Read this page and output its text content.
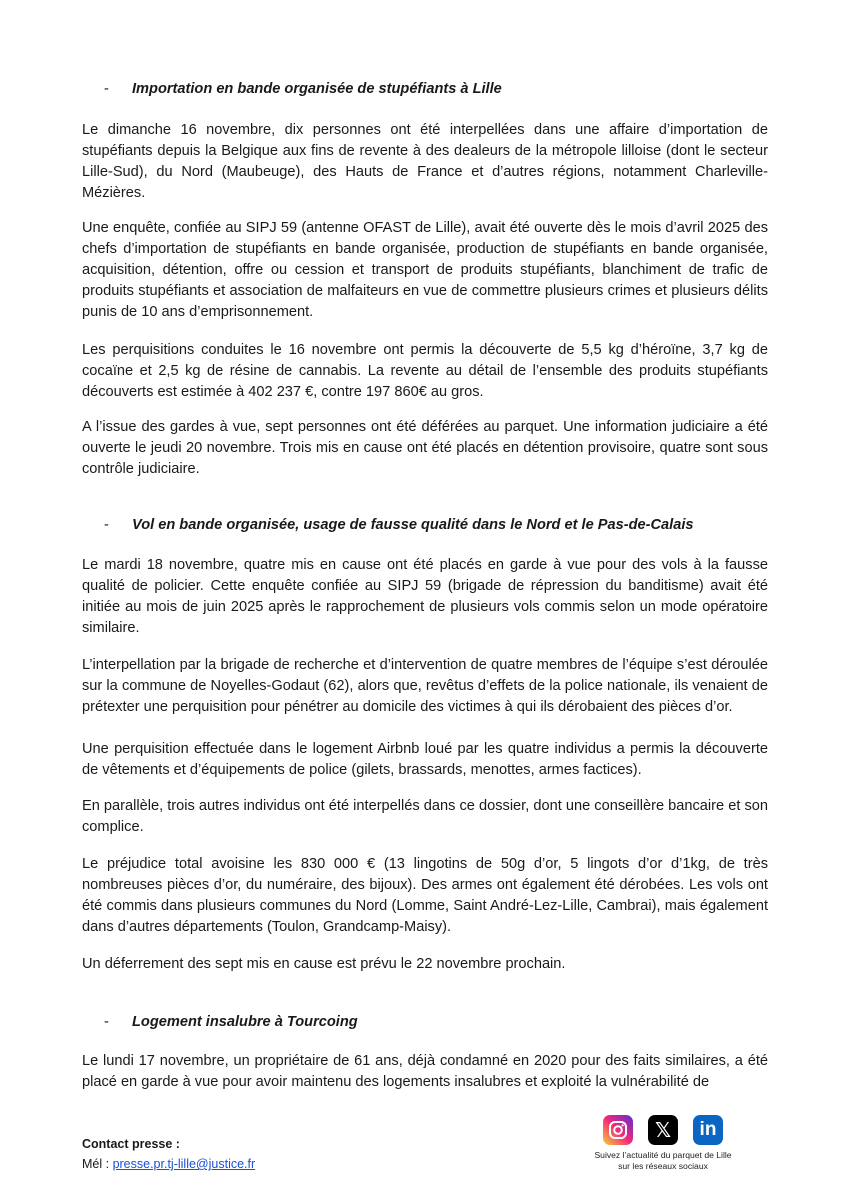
- Importation en bande organisée de stupéfiants à Lille

Le dimanche 16 novembre, dix personnes ont été interpellées dans une affaire d’importation de stupéfiants depuis la Belgique aux fins de revente à des dealeurs de la métropole lilloise (dont le secteur Lille-Sud), du Nord (Maubeuge), des Hauts de France et d’autres régions, notamment Charleville-Mézières.

Une enquête, confiée au SIPJ 59 (antenne OFAST de Lille), avait été ouverte dès le mois d’avril 2025 des chefs d’importation de stupéfiants en bande organisée, production de stupéfiants en bande organisée, acquisition, détention, offre ou cession et transport de produits stupéfiants, blanchiment de trafic de produits stupéfiants et association de malfaiteurs en vue de commettre plusieurs crimes et plusieurs délits punis de 10 ans d’emprisonnement.

Les perquisitions conduites le 16 novembre ont permis la découverte de 5,5 kg d’héroïne, 3,7 kg de cocaïne et 2,5 kg de résine de cannabis. La revente au détail de l’ensemble des produits stupéfiants découverts est estimée à 402 237 €, contre 197 860€ au gros.

A l’issue des gardes à vue, sept personnes ont été déférées au parquet. Une information judiciaire a été ouverte le jeudi 20 novembre. Trois mis en cause ont été placés en détention provisoire, quatre sont sous contrôle judiciaire.

- Vol en bande organisée, usage de fausse qualité dans le Nord et le Pas-de-Calais

Le mardi 18 novembre, quatre mis en cause ont été placés en garde à vue pour des vols à la fausse qualité de policier. Cette enquête confiée au SIPJ 59 (brigade de répression du banditisme) avait été initiée au mois de juin 2025 après le rapprochement de plusieurs vols commis selon un mode opératoire similaire.

L’interpellation par la brigade de recherche et d’intervention de quatre membres de l’équipe s’est déroulée sur la commune de Noyelles-Godaut (62), alors que, revêtus d’effets de la police nationale, ils venaient de prétexter une perquisition pour pénétrer au domicile des victimes à qui ils dérobaient des pièces d’or.

Une perquisition effectuée dans le logement Airbnb loué par les quatre individus a permis la découverte de vêtements et d’équipements de police (gilets, brassards, menottes, armes factices).

En parallèle, trois autres individus ont été interpellés dans ce dossier, dont une conseillère bancaire et son complice.

Le préjudice total avoisine les 830 000 € (13 lingotins de 50g d’or, 5 lingots d’or d’1kg, de très nombreuses pièces d’or, du numéraire, des bijoux). Des armes ont également été dérobées. Les vols ont été commis dans plusieurs communes du Nord (Lomme, Saint André-Lez-Lille, Cambrai), mais également dans d’autres départements (Toulon, Grandcamp-Maisy).

Un déferrement des sept mis en cause est prévu le 22 novembre prochain.

- Logement insalubre à Tourcoing

Le lundi 17 novembre, un propriétaire de 61 ans, déjà condamné en 2020 pour des faits similaires, a été placé en garde à vue pour avoir maintenu des logements insalubres et exploité la vulnérabilité de

Contact presse :
Mél : presse.pr.tj-lille@justice.fr
𝕏	in
Suivez l’actualité du parquet de Lille
sur les réseaux sociaux
